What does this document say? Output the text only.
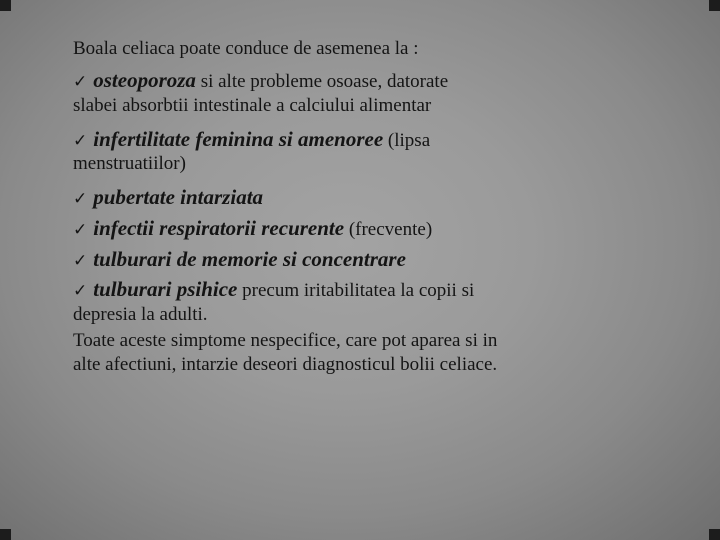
Boala celiaca poate conduce de asemenea la :

✓ osteoporoza si alte probleme osoase, datorate

slabei absorbtii intestinale a calciului alimentar

✓ infertilitate feminina si amenoree (lipsa

menstruatiilor)

✓ pubertate intarziata

✓ infectii respiratorii recurente (frecvente)

✓ tulburari de memorie si concentrare

✓ tulburari psihice precum iritabilitatea la copii si

depresia la adulti.

Toate aceste simptome nespecifice, care pot aparea si in

alte afectiuni, intarzie deseori diagnosticul bolii celiace.
